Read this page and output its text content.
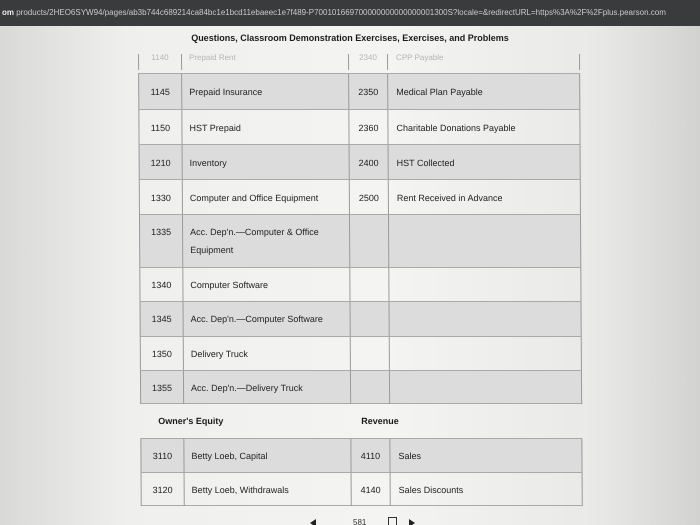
om products/2HEO6SYW94/pages/ab3b744c689214ca84bc1e1bcd11ebaeec1e7f489-P700101669700000000000000001300S?locale=&redirectURL=https%3A%2F%2Fplus.pearson.com
Questions, Classroom Demonstration Exercises, Exercises, and Problems
1140	Prepaid Rent	2340	CPP Payable
1145	Prepaid Insurance	2350	Medical Plan Payable
1150	HST Prepaid	2360	Charitable Donations Payable
1210	Inventory	2400	HST Collected
1330	Computer and Office Equipment	2500	Rent Received in Advance
1335	Acc. Dep'n.—Computer & Office
Equipment
1340	Computer Software
1345	Acc. Dep'n.—Computer Software
1350	Delivery Truck
1355	Acc. Dep'n.—Delivery Truck
Owner's Equity	Revenue
3110	Betty Loeb, Capital	4110	Sales
3120	Betty Loeb, Withdrawals	4140	Sales Discounts
581
